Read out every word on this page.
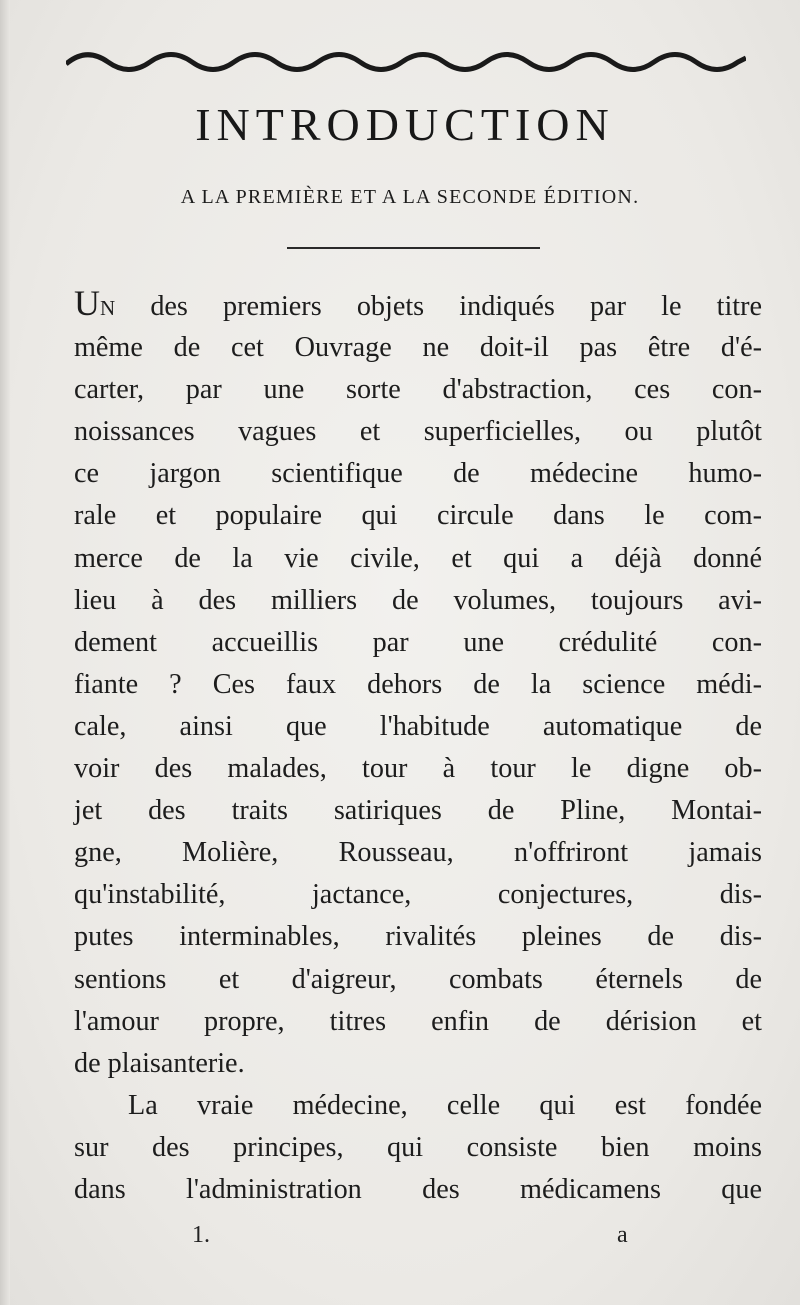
INTRODUCTION
A LA PREMIÈRE ET A LA SECONDE ÉDITION.
UN des premiers objets indiqués par le titre
même de cet Ouvrage ne doit-il pas être d'é-
carter, par une sorte d'abstraction, ces con-
noissances vagues et superficielles, ou plutôt
ce jargon scientifique de médecine humo-
rale et populaire qui circule dans le com-
merce de la vie civile, et qui a déjà donné
lieu à des milliers de volumes, toujours avi-
dement accueillis par une crédulité con-
fiante ? Ces faux dehors de la science médi-
cale, ainsi que l'habitude automatique de
voir des malades, tour à tour le digne ob-
jet des traits satiriques de Pline, Montai-
gne, Molière, Rousseau, n'offriront jamais
qu'instabilité, jactance, conjectures, dis-
putes interminables, rivalités pleines de dis-
sentions et d'aigreur, combats éternels de
l'amour propre, titres enfin de dérision et
de plaisanterie.
La vraie médecine, celle qui est fondée
sur des principes, qui consiste bien moins
dans l'administration des médicamens que
1.	a
